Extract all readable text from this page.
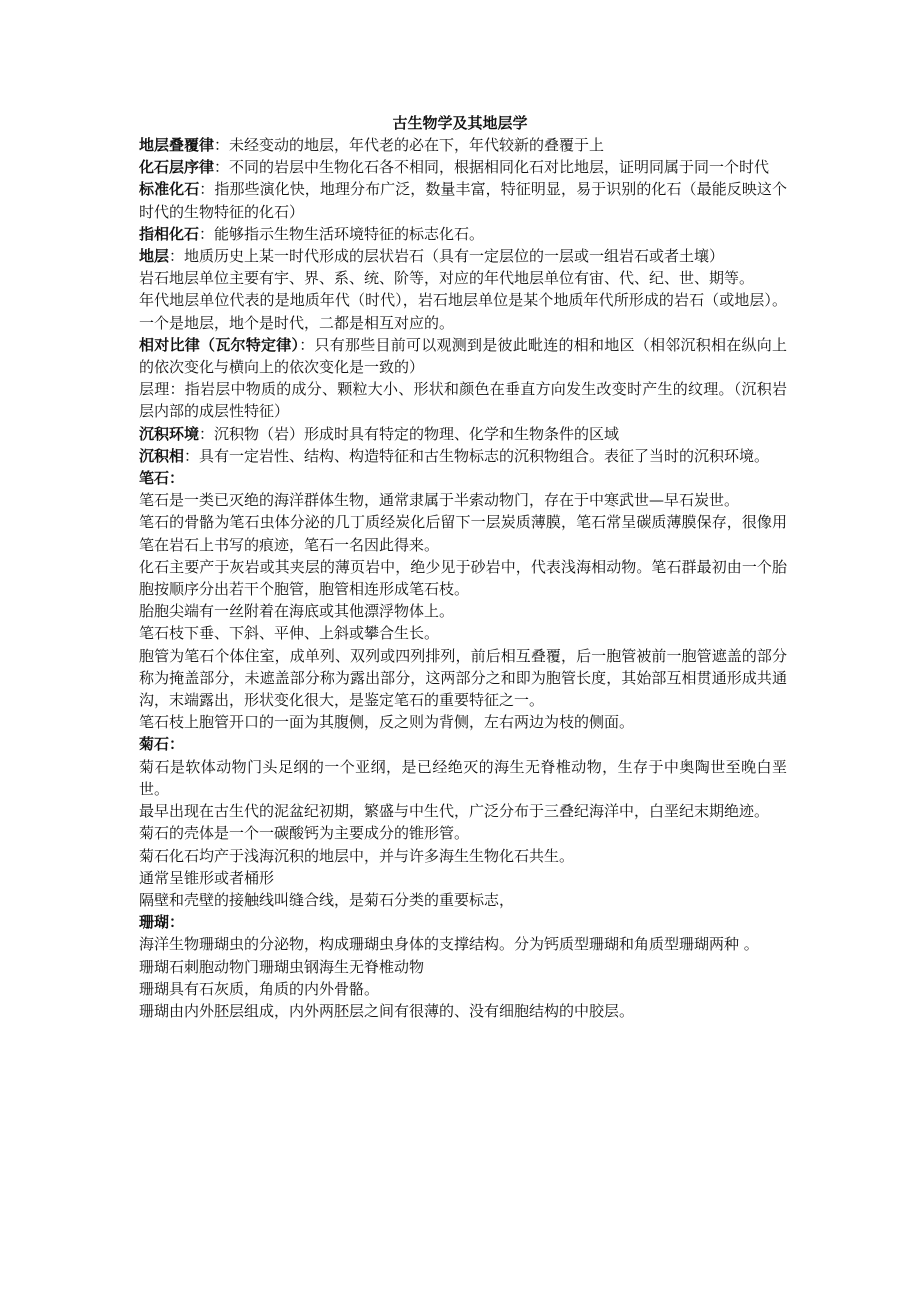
古生物学及其地层学

地层叠覆律：未经变动的地层，年代老的必在下，年代较新的叠覆于上

化石层序律：不同的岩层中生物化石各不相同，根据相同化石对比地层，证明同属于同一个时代

标准化石：指那些演化快，地理分布广泛，数量丰富，特征明显，易于识别的化石（最能反映这个时代的生物特征的化石）

指相化石：能够指示生物生活环境特征的标志化石。

地层：地质历史上某一时代形成的层状岩石（具有一定层位的一层或一组岩石或者土壤）

岩石地层单位主要有宇、界、系、统、阶等，对应的年代地层单位有宙、代、纪、世、期等。

年代地层单位代表的是地质年代（时代），岩石地层单位是某个地质年代所形成的岩石（或地层）。一个是地层，地个是时代，二都是相互对应的。

相对比律（瓦尔特定律）：只有那些目前可以观测到是彼此毗连的相和地区（相邻沉积相在纵向上的依次变化与横向上的依次变化是一致的）

层理：指岩层中物质的成分、颗粒大小、形状和颜色在垂直方向发生改变时产生的纹理。（沉积岩层内部的成层性特征）

沉积环境：沉积物（岩）形成时具有特定的物理、化学和生物条件的区域

沉积相：具有一定岩性、结构、构造特征和古生物标志的沉积物组合。表征了当时的沉积环境。

笔石：

笔石是一类已灭绝的海洋群体生物，通常隶属于半索动物门，存在于中寒武世—早石炭世。

笔石的骨骼为笔石虫体分泌的几丁质经炭化后留下一层炭质薄膜，笔石常呈碳质薄膜保存，很像用笔在岩石上书写的痕迹，笔石一名因此得来。

化石主要产于灰岩或其夹层的薄页岩中，绝少见于砂岩中，代表浅海相动物。笔石群最初由一个胎胞按顺序分出若干个胞管，胞管相连形成笔石枝。

胎胞尖端有一丝附着在海底或其他漂浮物体上。

笔石枝下垂、下斜、平伸、上斜或攀合生长。

胞管为笔石个体住室，成单列、双列或四列排列，前后相互叠覆，后一胞管被前一胞管遮盖的部分称为掩盖部分，未遮盖部分称为露出部分，这两部分之和即为胞管长度，其始部互相贯通形成共通沟，末端露出，形状变化很大，是鉴定笔石的重要特征之一。

笔石枝上胞管开口的一面为其腹侧，反之则为背侧，左右两边为枝的侧面。

菊石：

菊石是软体动物门头足纲的一个亚纲，是已经绝灭的海生无脊椎动物，生存于中奥陶世至晚白垩世。

最早出现在古生代的泥盆纪初期，繁盛与中生代，广泛分布于三叠纪海洋中，白垩纪末期绝迹。

菊石的壳体是一个一碳酸钙为主要成分的锥形管。

菊石化石均产于浅海沉积的地层中，并与许多海生生物化石共生。

通常呈锥形或者桶形

隔壁和壳壁的接触线叫缝合线，是菊石分类的重要标志，

珊瑚：

海洋生物珊瑚虫的分泌物，构成珊瑚虫身体的支撑结构。分为钙质型珊瑚和角质型珊瑚两种 。

珊瑚石刺胞动物门珊瑚虫钢海生无脊椎动物

珊瑚具有石灰质，角质的内外骨骼。

珊瑚由内外胚层组成，内外两胚层之间有很薄的、没有细胞结构的中胶层。
